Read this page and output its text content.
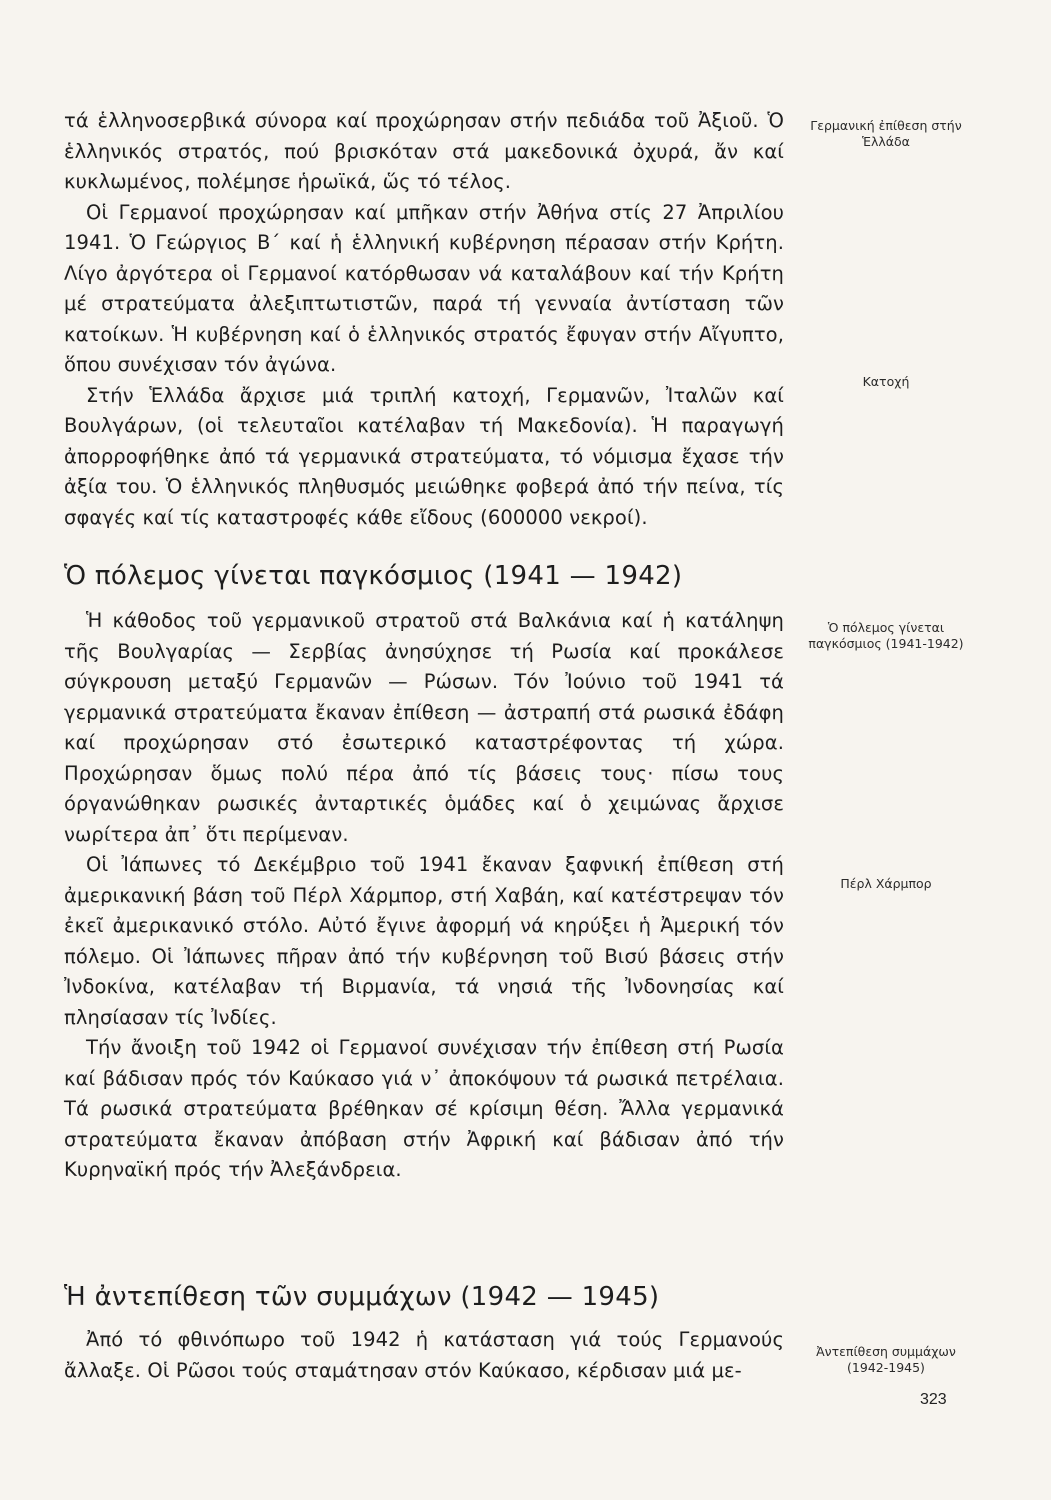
τά ἑλληνοσερβικά σύνορα καί προχώρησαν στήν πεδιάδα τοῦ Ἀξιοῦ. Ὁ ἑλληνικός στρατός, πού βρισκόταν στά μακεδονικά ὀχυρά, ἄν καί κυκλωμένος, πολέμησε ἡρωϊκά, ὥς τό τέλος.

Οἱ Γερμανοί προχώρησαν καί μπῆκαν στήν Ἀθήνα στίς 27 Ἀπριλίου 1941. Ὁ Γεώργιος Β΄ καί ἡ ἑλληνική κυβέρνηση πέρασαν στήν Κρήτη. Λίγο ἀργότερα οἱ Γερμανοί κατόρθωσαν νά καταλάβουν καί τήν Κρήτη μέ στρατεύματα ἀλεξιπτωτιστῶν, παρά τή γενναία ἀντίσταση τῶν κατοίκων. Ἡ κυβέρνηση καί ὁ ἑλληνικός στρατός ἔφυγαν στήν Αἴγυπτο, ὅπου συνέχισαν τόν ἀγώνα.

Στήν Ἑλλάδα ἄρχισε μιά τριπλή κατοχή, Γερμανῶν, Ἰταλῶν καί Βουλγάρων, (οἱ τελευταῖοι κατέλαβαν τή Μακεδονία). Ἡ παραγωγή ἀπορροφήθηκε ἀπό τά γερμανικά στρατεύματα, τό νόμισμα ἔχασε τήν ἀξία του. Ὁ ἑλληνικός πληθυσμός μειώθηκε φοβερά ἀπό τήν πείνα, τίς σφαγές καί τίς καταστροφές κάθε εἴδους (600000 νεκροί).

Ὁ πόλεμος γίνεται παγκόσμιος (1941 — 1942)

Ἡ κάθοδος τοῦ γερμανικοῦ στρατοῦ στά Βαλκάνια καί ἡ κατάληψη τῆς Βουλγαρίας — Σερβίας ἀνησύχησε τή Ρωσία καί προκάλεσε σύγκρουση μεταξύ Γερμανῶν — Ρώσων. Τόν Ἰούνιο τοῦ 1941 τά γερμανικά στρατεύματα ἔκαναν ἐπίθεση — ἀστραπή στά ρωσικά ἐδάφη καί προχώρησαν στό ἐσωτερικό καταστρέφοντας τή χώρα. Προχώρησαν ὅμως πολύ πέρα ἀπό τίς βάσεις τους· πίσω τους όργανώθηκαν ρωσικές ἀνταρτικές ὁμάδες καί ὁ χειμώνας ἄρχισε νωρίτερα ἀπ᾽ ὅτι περίμεναν.

Οἱ Ἰάπωνες τό Δεκέμβριο τοῦ 1941 ἔκαναν ξαφνική ἐπίθεση στή ἀμερικανική βάση τοῦ Πέρλ Χάρμπορ, στή Χαβάη, καί κατέστρεψαν τόν ἐκεῖ ἀμερικανικό στόλο. Αὐτό ἔγινε ἀφορμή νά κηρύξει ἡ Ἀμερική τόν πόλεμο. Οἱ Ἰάπωνες πῆραν ἀπό τήν κυβέρνηση τοῦ Βισύ βάσεις στήν Ἰνδοκίνα, κατέλαβαν τή Βιρμανία, τά νησιά τῆς Ἰνδονησίας καί πλησίασαν τίς Ἰνδίες.

Τήν ἄνοιξη τοῦ 1942 οἱ Γερμανοί συνέχισαν τήν ἐπίθεση στή Ρωσία καί βάδισαν πρός τόν Καύκασο γιά ν᾽ ἀποκόψουν τά ρωσικά πετρέλαια. Τά ρωσικά στρατεύματα βρέθηκαν σέ κρίσιμη θέση. Ἄλλα γερμανικά στρατεύματα ἔκαναν ἀπόβαση στήν Ἀφρική καί βάδισαν ἀπό τήν Κυρηναϊκή πρός τήν Ἀλεξάνδρεια.

Ἡ ἀντεπίθεση τῶν συμμάχων (1942 — 1945)

Ἀπό τό φθινόπωρο τοῦ 1942 ἡ κατάσταση γιά τούς Γερμανούς ἄλλαξε. Οἱ Ρῶσοι τούς σταμάτησαν στόν Καύκασο, κέρδισαν μιά με-

Γερμανική ἐπίθεση στήν Ἑλλάδα
Κατοχή
Ὁ πόλεμος γίνεται παγκόσμιος (1941-1942)
Πέρλ Χάρμπορ
Ἀντεπίθεση συμμάχων (1942-1945)
323
